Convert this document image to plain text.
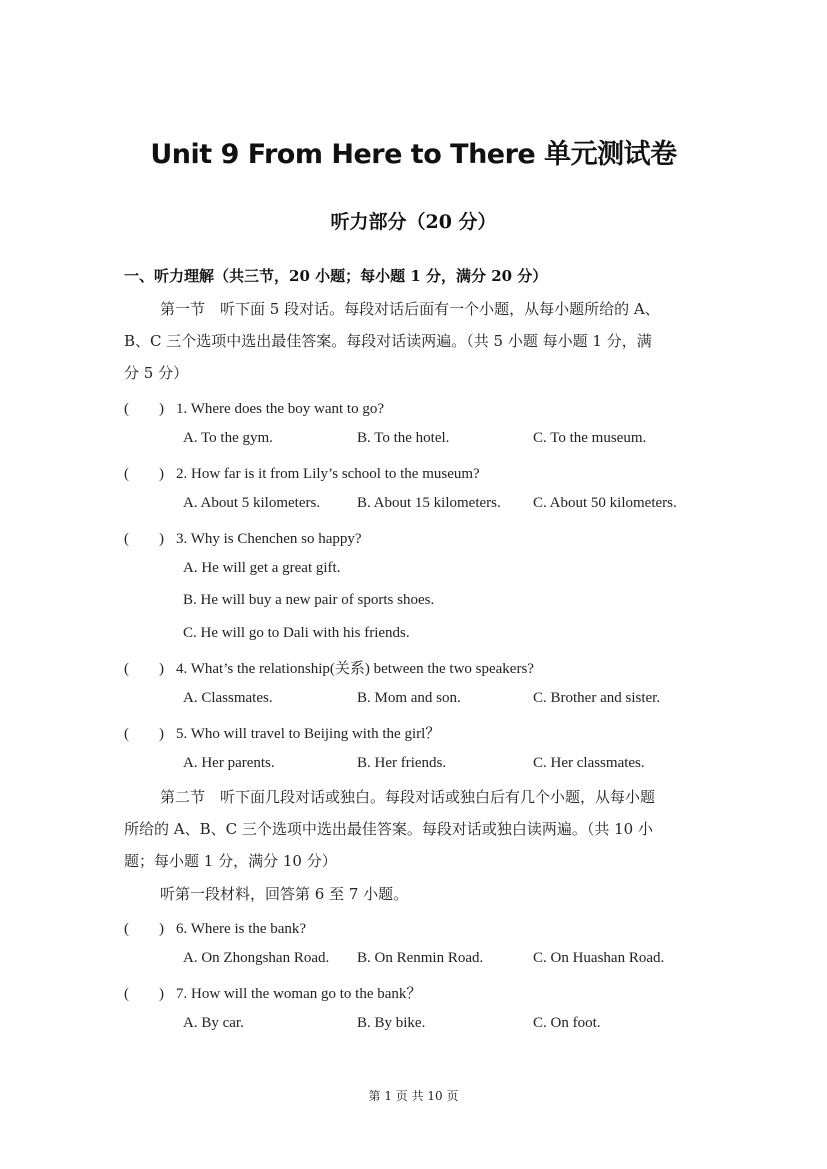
Unit 9 From Here to There 单元测试卷
听力部分（20 分）
一、听力理解（共三节，20 小题；每小题 1 分，满分 20 分）
第一节　听下面 5 段对话。每段对话后面有一个小题，从每小题所给的 A、
B、C 三个选项中选出最佳答案。每段对话读两遍。（共 5 小题 每小题 1 分，满
分 5 分）
(　　) 1. Where does the boy want to go?
A. To the gym.	B. To the hotel.	C. To the museum.
(　　) 2. How far is it from Lily’s school to the museum?
A. About 5 kilometers. B. About 15 kilometers. C. About 50 kilometers.
(　　) 3. Why is Chenchen so happy?
A. He will get a great gift.
B. He will buy a new pair of sports shoes.
C. He will go to Dali with his friends.
(　　) 4. What’s the relationship(关系) between the two speakers?
A. Classmates.	B. Mom and son.	C. Brother and sister.
(　　) 5. Who will travel to Beijing with the girl？
A. Her parents.	B. Her friends.	C. Her classmates.
第二节　听下面几段对话或独白。每段对话或独白后有几个小题，从每小题
所给的 A、B、C 三个选项中选出最佳答案。每段对话或独白读两遍。（共 10 小
题；每小题 1 分，满分 10 分）
听第一段材料，回答第 6 至 7 小题。
(　　) 6. Where is the bank?
A. On Zhongshan Road. B. On Renmin Road.	C. On Huashan Road.
(　　) 7. How will the woman go to the bank？
A. By car.	B. By bike.	C. On foot.
第 1 页 共 10 页
